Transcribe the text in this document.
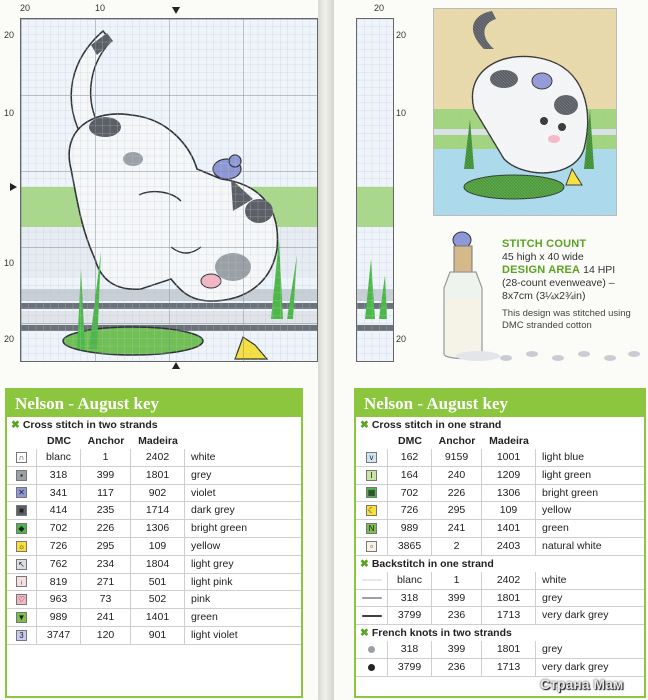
20	10
20
10
10
20
20
20
10
20
STITCH COUNT
45 high x 40 wide
DESIGN AREA 14 HPI
(28-count evenweave) –
8x7cm (3¼x2¾in)
This design was stitched using DMC stranded cotton
Nelson - August key
✖ Cross stitch in two strands
DMC	Anchor	Madeira
∩	blanc	1	2402	white
▪	318	399	1801	grey
✕	341	117	902	violet
■	414	235	1714	dark grey
◆	702	226	1306	bright green
☼	726	295	109	yellow
↖	762	234	1804	light grey
ᵢ	819	271	501	light pink
♡	963	73	502	pink
▼	989	241	1401	green
3	3747	120	901	light violet
Nelson - August key
✖ Cross stitch in one strand
DMC	Anchor	Madeira
v	162	9159	1001	light blue
I	164	240	1209	light green
▦	702	226	1306	bright green
☾	726	295	109	yellow
N	989	241	1401	green
▫	3865	2	2403	natural white
✖ Backstitch in one strand
blanc	1	2402	white
318	399	1801	grey
3799	236	1713	very dark grey
✖ French knots in two strands
318	399	1801	grey
3799	236	1713	very dark grey
Страна Мам
